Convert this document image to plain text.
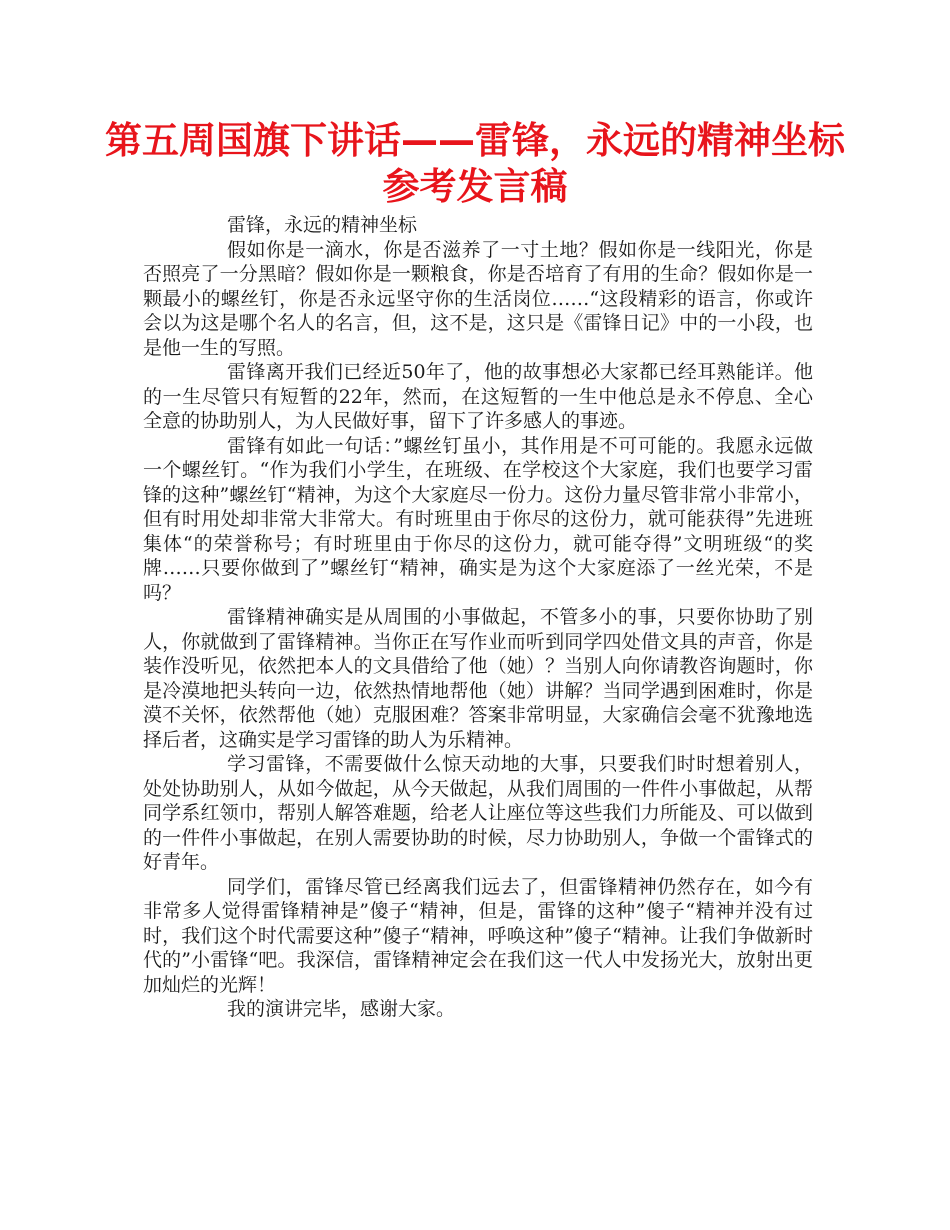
第五周国旗下讲话——雷锋，永远的精神坐标参考发言稿

雷锋，永远的精神坐标

假如你是一滴水，你是否滋养了一寸土地？假如你是一线阳光，你是否照亮了一分黑暗？假如你是一颗粮食，你是否培育了有用的生命？假如你是一颗最小的螺丝钉，你是否永远坚守你的生活岗位……“这段精彩的语言，你或许会以为这是哪个名人的名言，但，这不是，这只是《雷锋日记》中的一小段，也是他一生的写照。

雷锋离开我们已经近50年了，他的故事想必大家都已经耳熟能详。他的一生尽管只有短暂的22年，然而，在这短暂的一生中他总是永不停息、全心全意的协助别人，为人民做好事，留下了许多感人的事迹。

雷锋有如此一句话：”螺丝钉虽小，其作用是不可可能的。我愿永远做一个螺丝钉。“作为我们小学生，在班级、在学校这个大家庭，我们也要学习雷锋的这种”螺丝钉“精神，为这个大家庭尽一份力。这份力量尽管非常小非常小，但有时用处却非常大非常大。有时班里由于你尽的这份力，就可能获得”先进班集体“的荣誉称号；有时班里由于你尽的这份力，就可能夺得”文明班级“的奖牌……只要你做到了”螺丝钉“精神，确实是为这个大家庭添了一丝光荣，不是吗？

雷锋精神确实是从周围的小事做起，不管多小的事，只要你协助了别人，你就做到了雷锋精神。当你正在写作业而听到同学四处借文具的声音，你是装作没听见，依然把本人的文具借给了他（她）？当别人向你请教咨询题时，你是冷漠地把头转向一边，依然热情地帮他（她）讲解？当同学遇到困难时，你是漠不关怀，依然帮他（她）克服困难？答案非常明显，大家确信会毫不犹豫地选择后者，这确实是学习雷锋的助人为乐精神。

学习雷锋，不需要做什么惊天动地的大事，只要我们时时想着别人，处处协助别人，从如今做起，从今天做起，从我们周围的一件件小事做起，从帮同学系红领巾，帮别人解答难题，给老人让座位等这些我们力所能及、可以做到的一件件小事做起，在别人需要协助的时候，尽力协助别人，争做一个雷锋式的好青年。

同学们，雷锋尽管已经离我们远去了，但雷锋精神仍然存在，如今有非常多人觉得雷锋精神是”傻子“精神，但是，雷锋的这种”傻子“精神并没有过时，我们这个时代需要这种”傻子“精神，呼唤这种”傻子“精神。让我们争做新时代的”小雷锋“吧。我深信，雷锋精神定会在我们这一代人中发扬光大，放射出更加灿烂的光辉！

我的演讲完毕，感谢大家。
